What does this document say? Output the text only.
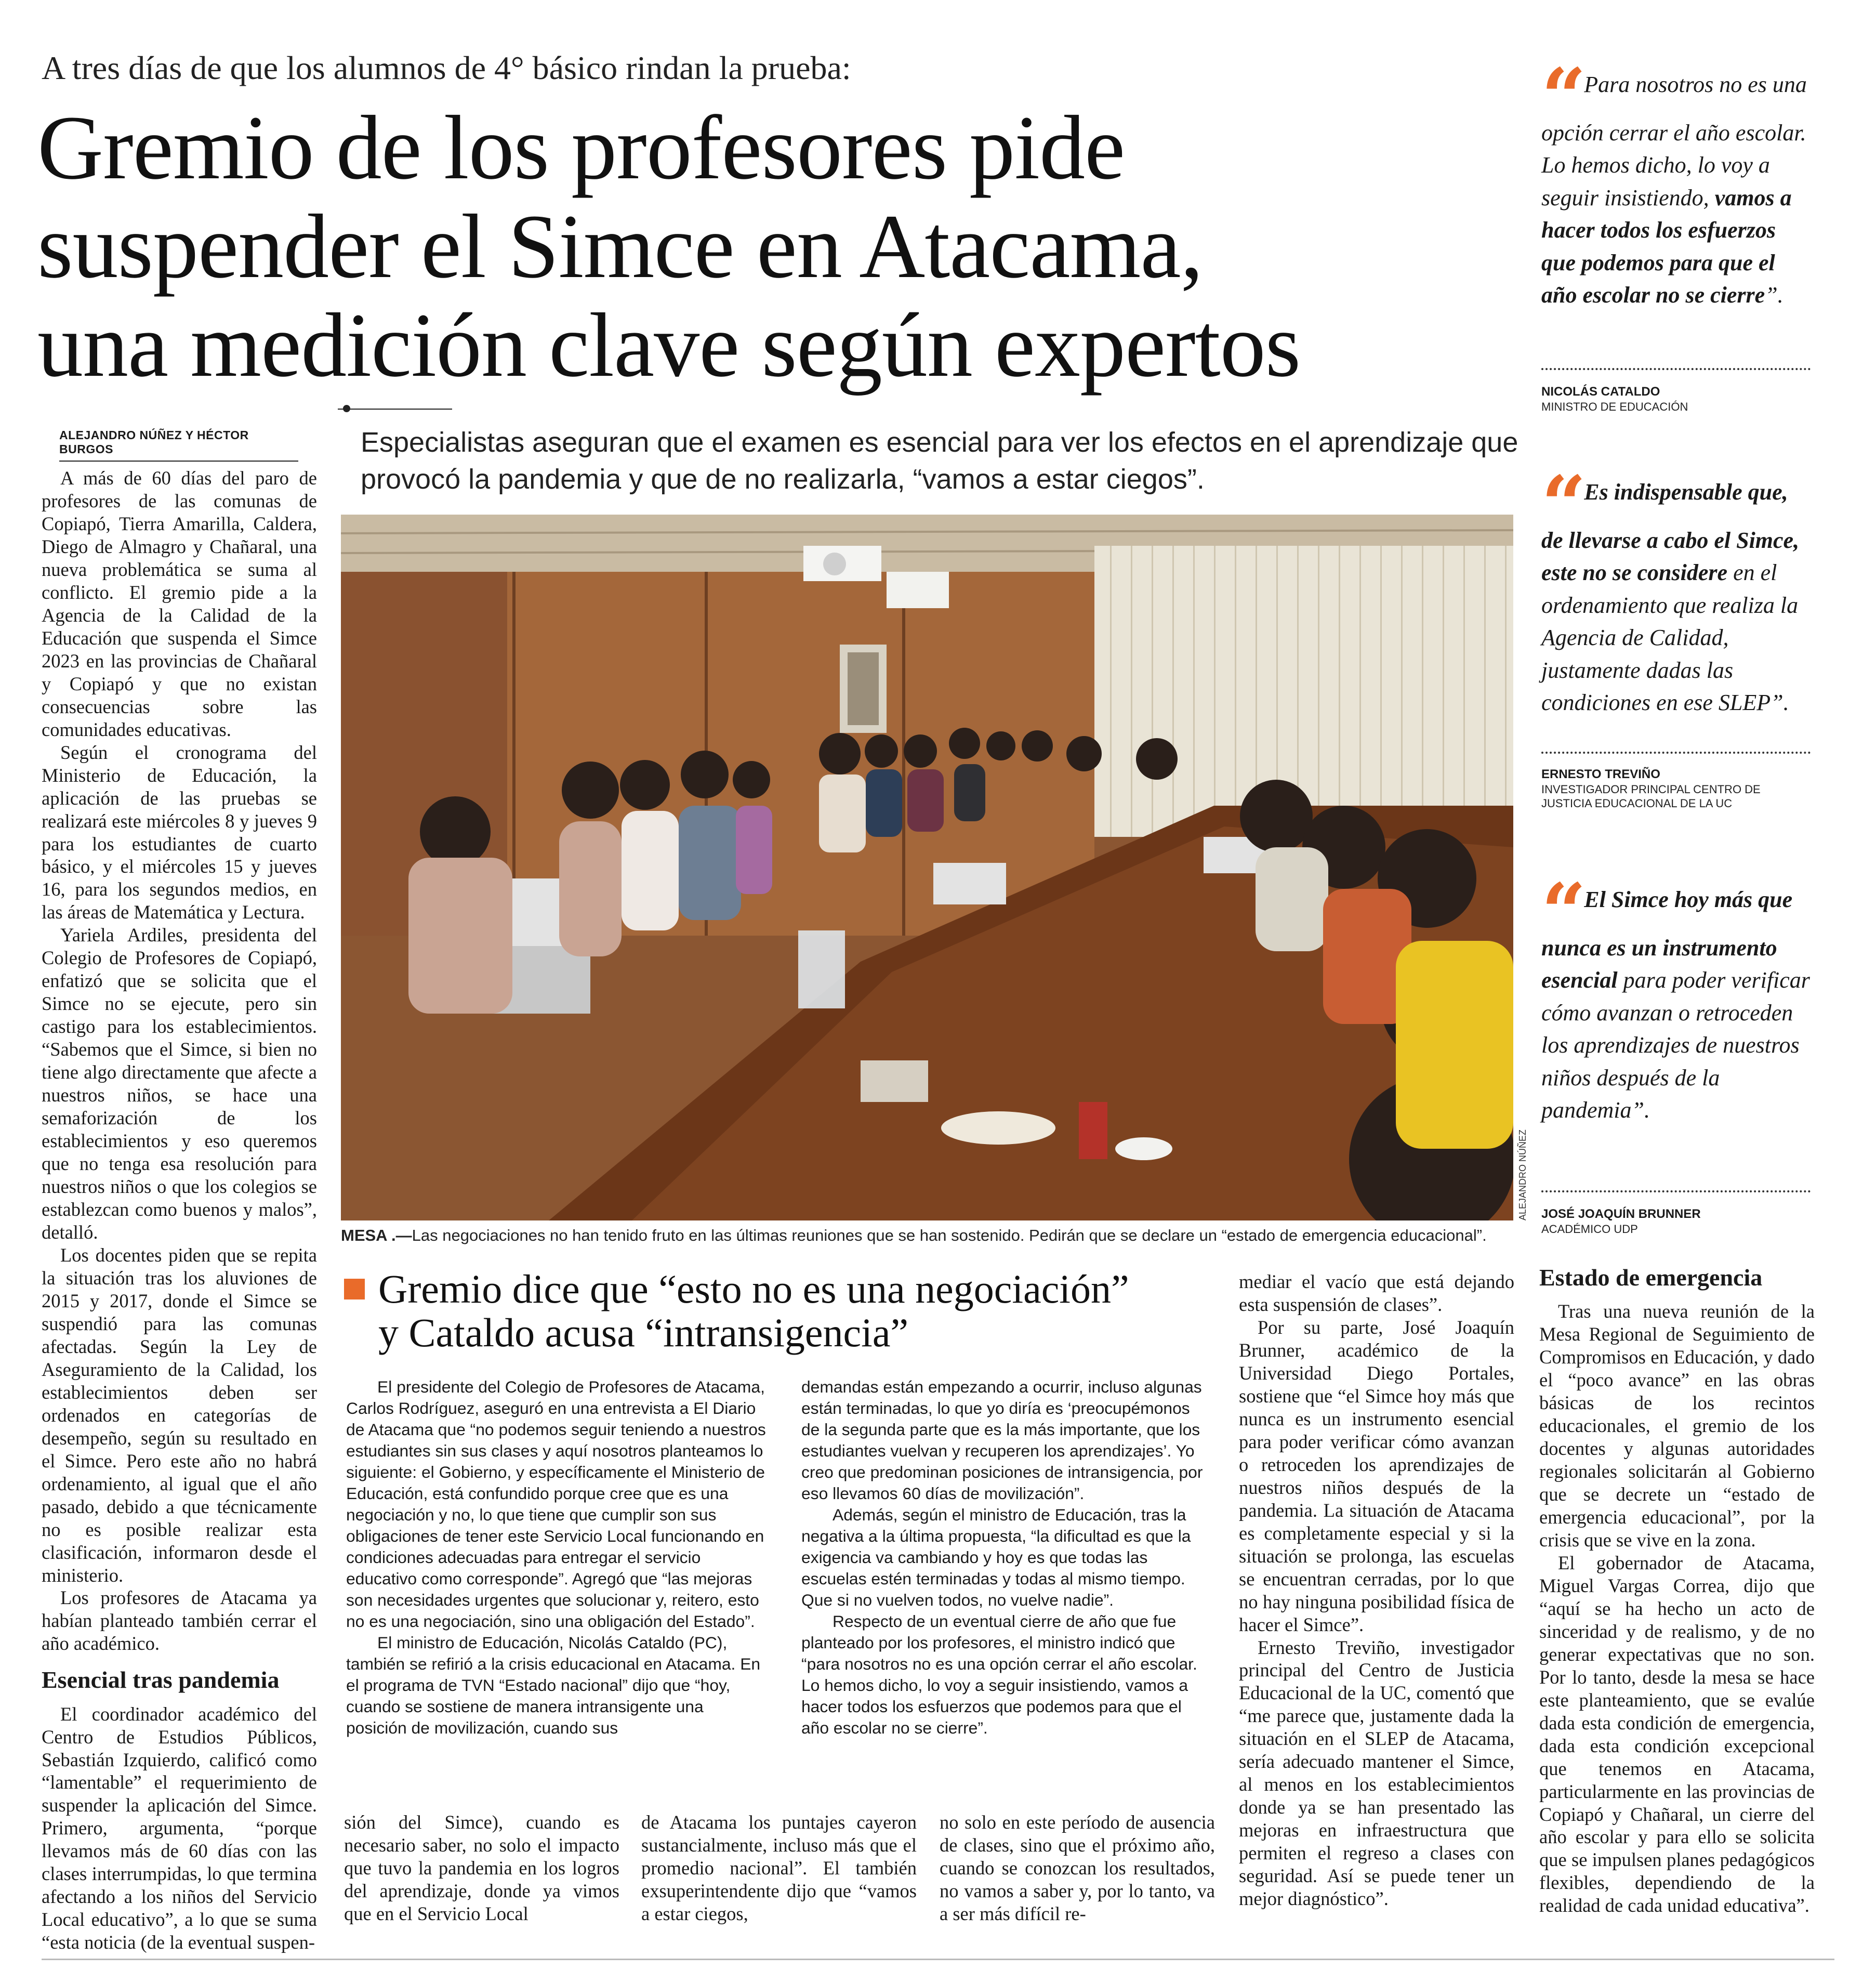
A tres días de que los alumnos de 4° básico rindan la prueba:
Gremio de los profesores pide
suspender el Simce en Atacama,
una medición clave según expertos
ALEJANDRO NÚÑEZ Y HÉCTOR BURGOS	Especialistas aseguran que el examen es esencial para ver los efectos en el aprendizaje que provocó la pandemia y que de no realizarla, “vamos a estar ciegos”.

A más de 60 días del paro de profesores de las comunas de Copiapó, Tierra Amarilla, Caldera, Diego de Almagro y Chañaral, una nueva problemática se suma al conflicto. El gremio pide a la Agencia de la Calidad de la Educación que suspenda el Simce 2023 en las provincias de Chañaral y Copiapó y que no existan consecuencias sobre las comunidades educativas.

Según el cronograma del Ministerio de Educación, la aplicación de las pruebas se realizará este miércoles 8 y jueves 9 para los estudiantes de cuarto básico, y el miércoles 15 y jueves 16, para los segundos medios, en las áreas de Matemática y Lectura.

Yariela Ardiles, presidenta del Colegio de Profesores de Copiapó, enfatizó que se solicita que el Simce no se ejecute, pero sin castigo para los establecimientos. “Sabemos que el Simce, si bien no tiene algo directamente que afecte a nuestros niños, se hace una semaforización de los establecimientos y eso queremos que no tenga esa resolución para nuestros niños o que los colegios se establezcan como buenos y malos”, detalló.

Los docentes piden que se repita la situación tras los aluviones de 2015 y 2017, donde el Simce se suspendió para las comunas afectadas. Según la Ley de Aseguramiento de la Calidad, los establecimientos deben ser ordenados en categorías de desempeño, según su resultado en el Simce. Pero este año no habrá ordenamiento, al igual que el año pasado, debido a que técnicamente no es posible realizar esta clasificación, informaron desde el ministerio.

Los profesores de Atacama ya habían planteado también cerrar el año académico.

Esencial tras pandemia

El coordinador académico del Centro de Estudios Públicos, Sebastián Izquierdo, calificó como “lamentable” el requerimiento de suspender la aplicación del Simce. Primero, argumenta, “porque llevamos más de 60 días con las clases interrumpidas, lo que termina afectando a los niños del Servicio Local educativo”, a lo que se suma “esta noticia (de la eventual suspen-

ALEJANDRO NÚÑEZ
MESA .—Las negociaciones no han tenido fruto en las últimas reuniones que se han sostenido. Pedirán que se declare un “estado de emergencia educacional”.
Gremio dice que “esto no es una negociación”
y Cataldo acusa “intransigencia”

El presidente del Colegio de Profesores de Atacama, Carlos Rodríguez, aseguró en una entrevista a El Diario de Atacama que “no podemos seguir teniendo a nuestros estudiantes sin sus clases y aquí nosotros planteamos lo siguiente: el Gobierno, y específicamente el Ministerio de Educación, está confundido porque cree que es una negociación y no, lo que tiene que cumplir son sus obligaciones de tener este Servicio Local funcionando en condiciones adecuadas para entregar el servicio educativo como corresponde”. Agregó que “las mejoras son necesidades urgentes que solucionar y, reitero, esto no es una negociación, sino una obligación del Estado”.

El ministro de Educación, Nicolás Cataldo (PC), también se refirió a la crisis educacional en Atacama. En el programa de TVN “Estado nacional” dijo que “hoy, cuando se sostiene de manera intransigente una posición de movilización, cuando sus

demandas están empezando a ocurrir, incluso algunas están terminadas, lo que yo diría es ‘preocupémonos de la segunda parte que es la más importante, que los estudiantes vuelvan y recuperen los aprendizajes’. Yo creo que predominan posiciones de intransigencia, por eso llevamos 60 días de movilización”.

Además, según el ministro de Educación, tras la negativa a la última propuesta, “la dificultad es que la exigencia va cambiando y hoy es que todas las escuelas estén terminadas y todas al mismo tiempo. Que si no vuelven todos, no vuelve nadie”.

Respecto de un eventual cierre de año que fue planteado por los profesores, el ministro indicó que “para nosotros no es una opción cerrar el año escolar. Lo hemos dicho, lo voy a seguir insistiendo, vamos a hacer todos los esfuerzos que podemos para que el año escolar no se cierre”.

sión del Simce), cuando es necesario saber, no solo el impacto que tuvo la pandemia en los logros del aprendizaje, donde ya vimos que en el Servicio Local

de Atacama los puntajes cayeron sustancialmente, incluso más que el promedio nacional”. El también exsuperintendente dijo que “vamos a estar ciegos,

no solo en este período de ausencia de clases, sino que el próximo año, cuando se conozcan los resultados, no vamos a saber y, por lo tanto, va a ser más difícil re-

mediar el vacío que está dejando esta suspensión de clases”.

Por su parte, José Joaquín Brunner, académico de la Universidad Diego Portales, sostiene que “el Simce hoy más que nunca es un instrumento esencial para poder verificar cómo avanzan o retroceden los aprendizajes de nuestros niños después de la pandemia. La situación de Atacama es completamente especial y si la situación se prolonga, las escuelas se encuentran cerradas, por lo que no hay ninguna posibilidad física de hacer el Simce”.

Ernesto Treviño, investigador principal del Centro de Justicia Educacional de la UC, comentó que “me parece que, justamente dada la situación en el SLEP de Atacama, sería adecuado mantener el Simce, al menos en los establecimientos donde ya se han presentado las mejoras en infraestructura que permiten el regreso a clases con seguridad. Así se puede tener un mejor diagnóstico”.

Estado de emergencia

Tras una nueva reunión de la Mesa Regional de Seguimiento de Compromisos en Educación, y dado el “poco avance” en las obras básicas de los recintos educacionales, el gremio de los docentes y algunas autoridades regionales solicitarán al Gobierno que se decrete un “estado de emergencia educacional”, por la crisis que se vive en la zona.

El gobernador de Atacama, Miguel Vargas Correa, dijo que “aquí se ha hecho un acto de sinceridad y de realismo, y de no generar expectativas que no son. Por lo tanto, desde la mesa se hace este planteamiento, que se evalúe dada esta condición de emergencia, dada esta condición excepcional que tenemos en Atacama, particularmente en las provincias de Copiapó y Chañaral, un cierre del año escolar y para ello se solicita que se impulsen planes pedagógicos flexibles, dependiendo de la realidad de cada unidad educativa”.

“ Para nosotros no es una opción cerrar el año escolar. Lo hemos dicho, lo voy a seguir insistiendo, vamos a hacer todos los esfuerzos que podemos para que el año escolar no se cierre”.
NICOLÁS CATALDO
MINISTRO DE EDUCACIÓN
“ Es indispensable que, de llevarse a cabo el Simce, este no se considere en el ordenamiento que realiza la Agencia de Calidad, justamente dadas las condiciones en ese SLEP”.
ERNESTO TREVIÑO
INVESTIGADOR PRINCIPAL CENTRO DE JUSTICIA EDUCACIONAL DE LA UC
“ El Simce hoy más que nunca es un instrumento esencial para poder verificar cómo avanzan o retroceden los aprendizajes de nuestros niños después de la pandemia”.
JOSÉ JOAQUÍN BRUNNER
ACADÉMICO UDP
